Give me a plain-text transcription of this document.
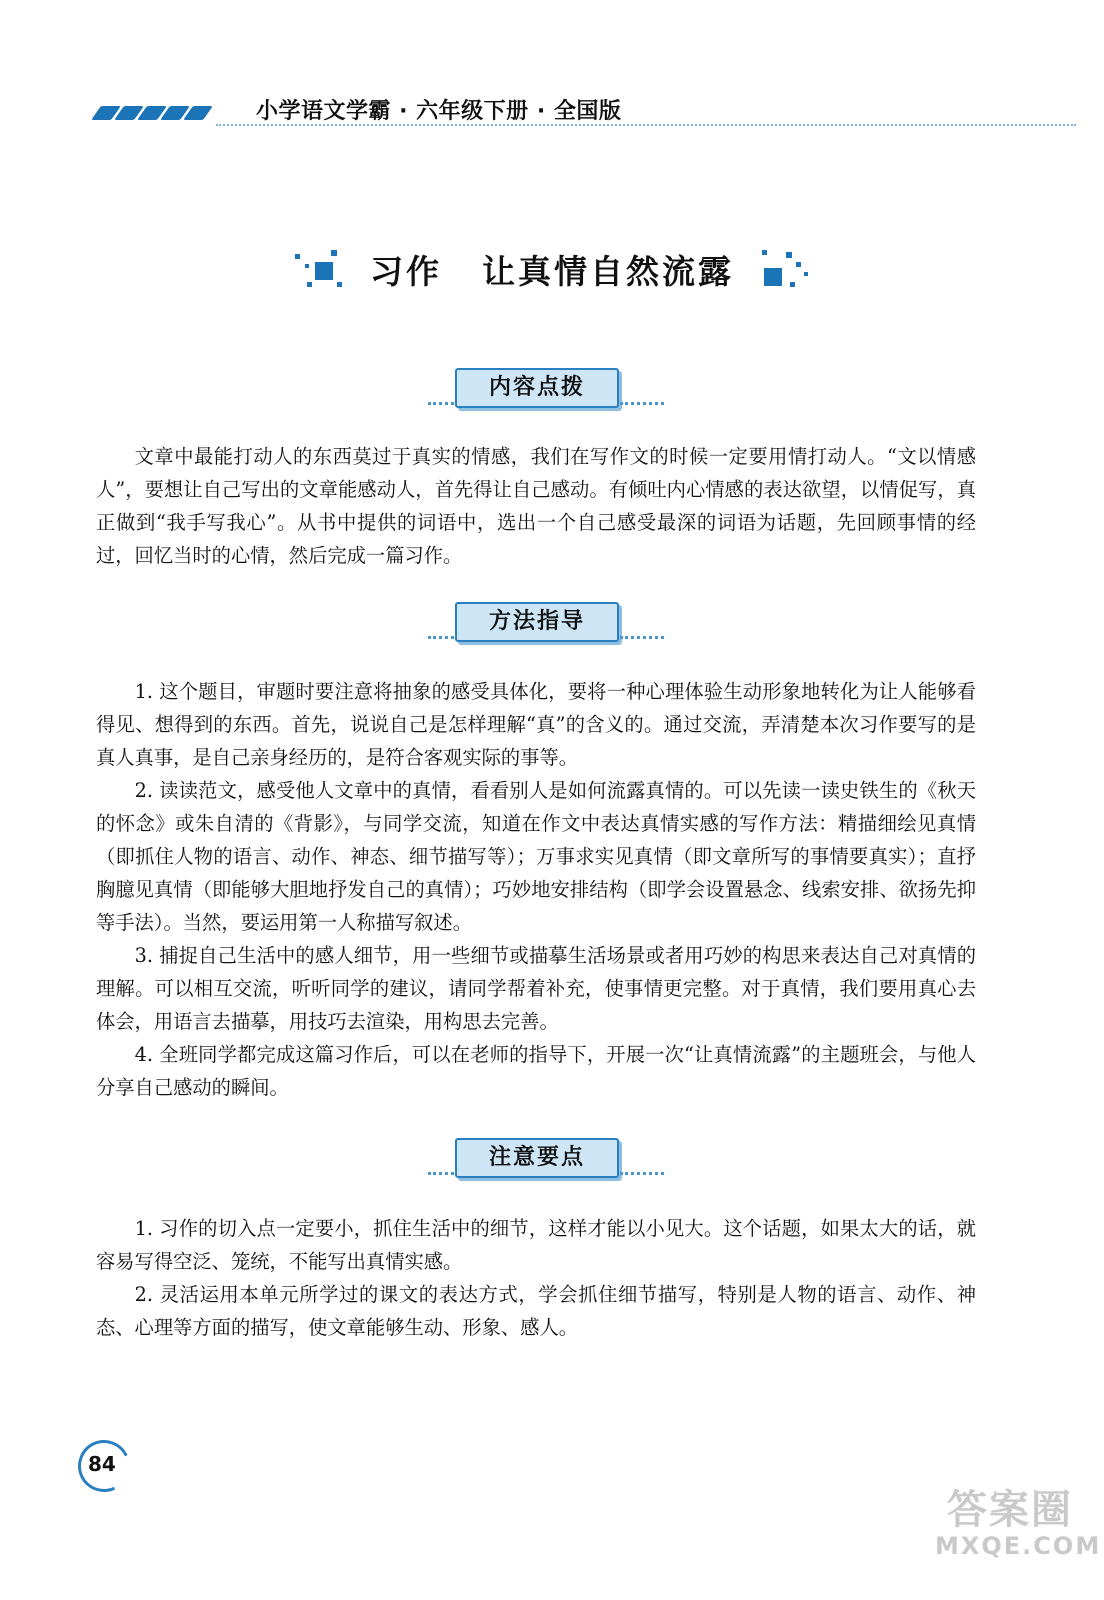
小学语文学霸 · 六年级下册 · 全国版
习作 让真情自然流露
内容点拨

文章中最能打动人的东西莫过于真实的情感，我们在写作文的时候一定要用情打动人。“文以情感人”，要想让自己写出的文章能感动人，首先得让自己感动。有倾吐内心情感的表达欲望，以情促写，真正做到“我手写我心”。从书中提供的词语中，选出一个自己感受最深的词语为话题，先回顾事情的经过，回忆当时的心情，然后完成一篇习作。

方法指导

1. 这个题目，审题时要注意将抽象的感受具体化，要将一种心理体验生动形象地转化为让人能够看得见、想得到的东西。首先，说说自己是怎样理解“真”的含义的。通过交流，弄清楚本次习作要写的是真人真事，是自己亲身经历的，是符合客观实际的事等。

2. 读读范文，感受他人文章中的真情，看看别人是如何流露真情的。可以先读一读史铁生的《秋天的怀念》或朱自清的《背影》，与同学交流，知道在作文中表达真情实感的写作方法：精描细绘见真情（即抓住人物的语言、动作、神态、细节描写等）；万事求实见真情（即文章所写的事情要真实）；直抒胸臆见真情（即能够大胆地抒发自己的真情）；巧妙地安排结构（即学会设置悬念、线索安排、欲扬先抑等手法）。当然，要运用第一人称描写叙述。

3. 捕捉自己生活中的感人细节，用一些细节或描摹生活场景或者用巧妙的构思来表达自己对真情的理解。可以相互交流，听听同学的建议，请同学帮着补充，使事情更完整。对于真情，我们要用真心去体会，用语言去描摹，用技巧去渲染，用构思去完善。

4. 全班同学都完成这篇习作后，可以在老师的指导下，开展一次“让真情流露”的主题班会，与他人分享自己感动的瞬间。

注意要点

1. 习作的切入点一定要小，抓住生活中的细节，这样才能以小见大。这个话题，如果太大的话，就容易写得空泛、笼统，不能写出真情实感。

2. 灵活运用本单元所学过的课文的表达方式，学会抓住细节描写，特别是人物的语言、动作、神态、心理等方面的描写，使文章能够生动、形象、感人。

84
答案圈
MXQE.COM
